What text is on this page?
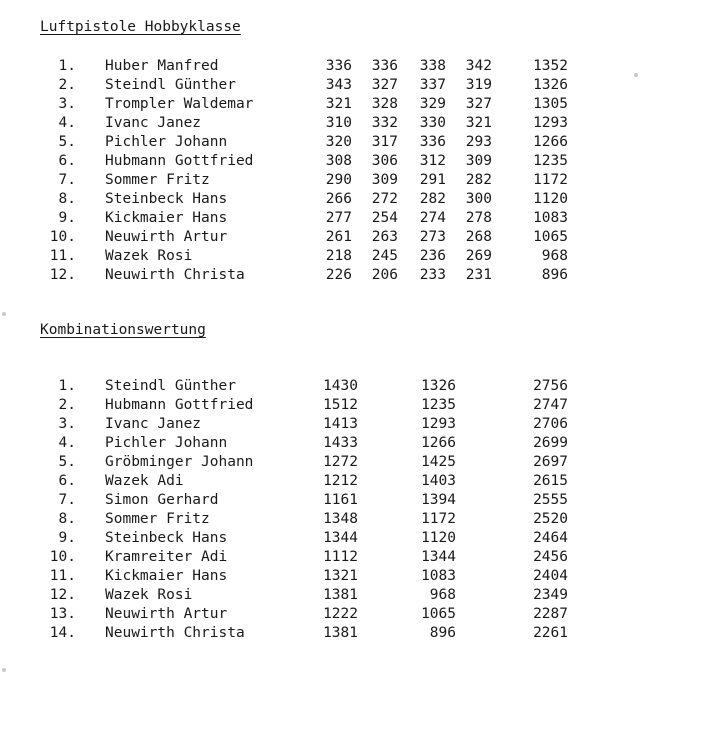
Luftpistole Hobbyklasse
1. Huber Manfred	336	336	338	342	1352
2. Steindl Günther	343	327	337	319	1326
3. Trompler Waldemar	321	328	329	327	1305
4. Ivanc Janez	310	332	330	321	1293
5. Pichler Johann	320	317	336	293	1266
6. Hubmann Gottfried	308	306	312	309	1235
7. Sommer Fritz	290	309	291	282	1172
8. Steinbeck Hans	266	272	282	300	1120
9. Kickmaier Hans	277	254	274	278	1083
10. Neuwirth Artur	261	263	273	268	1065
11. Wazek Rosi	218	245	236	269	968
12. Neuwirth Christa	226	206	233	231	896
Kombinationswertung
1. Steindl Günther	1430	1326	2756
2. Hubmann Gottfried	1512	1235	2747
3. Ivanc Janez	1413	1293	2706
4. Pichler Johann	1433	1266	2699
5. Gröbminger Johann	1272	1425	2697
6. Wazek Adi	1212	1403	2615
7. Simon Gerhard	1161	1394	2555
8. Sommer Fritz	1348	1172	2520
9. Steinbeck Hans	1344	1120	2464
10. Kramreiter Adi	1112	1344	2456
11. Kickmaier Hans	1321	1083	2404
12. Wazek Rosi	1381	968	2349
13. Neuwirth Artur	1222	1065	2287
14. Neuwirth Christa	1381	896	2261
